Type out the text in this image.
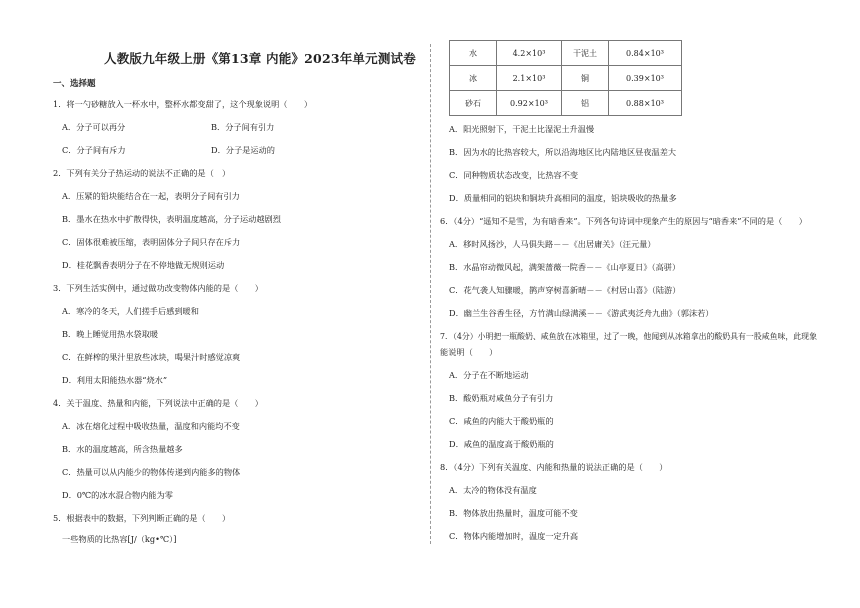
人教版九年级上册《第13章 内能》2023年单元测试卷
一、选择题
1．将一勺砂糖放入一杯水中，整杯水都变甜了，这个现象说明（　　）
A．分子可以再分	B．分子间有引力
C．分子间有斥力	D．分子是运动的
2．下列有关分子热运动的说法不正确的是（　）
A．压紧的铅块能结合在一起，表明分子间有引力
B．墨水在热水中扩散得快，表明温度越高，分子运动越剧烈
C．固体很难被压缩，表明固体分子间只存在斥力
D．桂花飘香表明分子在不停地做无规则运动
3．下列生活实例中，通过做功改变物体内能的是（　　）
A．寒冷的冬天，人们搓手后感到暖和
B．晚上睡觉用热水袋取暖
C．在鲜榨的果汁里放些冰块，喝果汁时感觉凉爽
D．利用太阳能热水器“烧水”
4．关于温度、热量和内能，下列说法中正确的是（　　）
A．冰在熔化过程中吸收热量，温度和内能均不变
B．水的温度越高，所含热量越多
C．热量可以从内能少的物体传递到内能多的物体
D．0℃的冰水混合物内能为零
5．根据表中的数据，下列判断正确的是（　　）
一些物质的比热容[J/（kg•℃）]
水	4.2×10³	干泥土	0.84×10³
冰	2.1×10³	铜	0.39×10³
砂石	0.92×10³	铝	0.88×10³
A．阳光照射下，干泥土比湿泥土升温慢
B．因为水的比热容较大，所以沿海地区比内陆地区昼夜温差大
C．同种物质状态改变，比热容不变
D．质量相同的铝块和铜块升高相同的温度，铝块吸收的热量多
6．（4分）“遥知不是雪，为有暗香来”。下列各句诗词中现象产生的原因与“暗香来”不同的是（　　）
A．移时风扬沙，人马俱失路－－《出居庸关》（汪元量）
B．水晶帘动微风起，满架蔷薇一院香－－《山亭夏日》（高骈）
C．花气袭人知骤暖，鹊声穿树喜新晴－－《村居山喜》（陆游）
D．幽兰生谷香生径，方竹满山绿满溪－－《游武夷泛舟九曲》（郭沫若）
7．（4分）小明把一瓶酸奶、咸鱼放在冰箱里，过了一晚，他闻到从冰箱拿出的酸奶具有一股咸鱼味，此现象
能说明（　　）
A．分子在不断地运动
B．酸奶瓶对咸鱼分子有引力
C．咸鱼的内能大于酸奶瓶的
D．咸鱼的温度高于酸奶瓶的
8．（4分）下列有关温度、内能和热量的说法正确的是（　　）
A．太冷的物体没有温度
B．物体放出热量时，温度可能不变
C．物体内能增加时，温度一定升高
